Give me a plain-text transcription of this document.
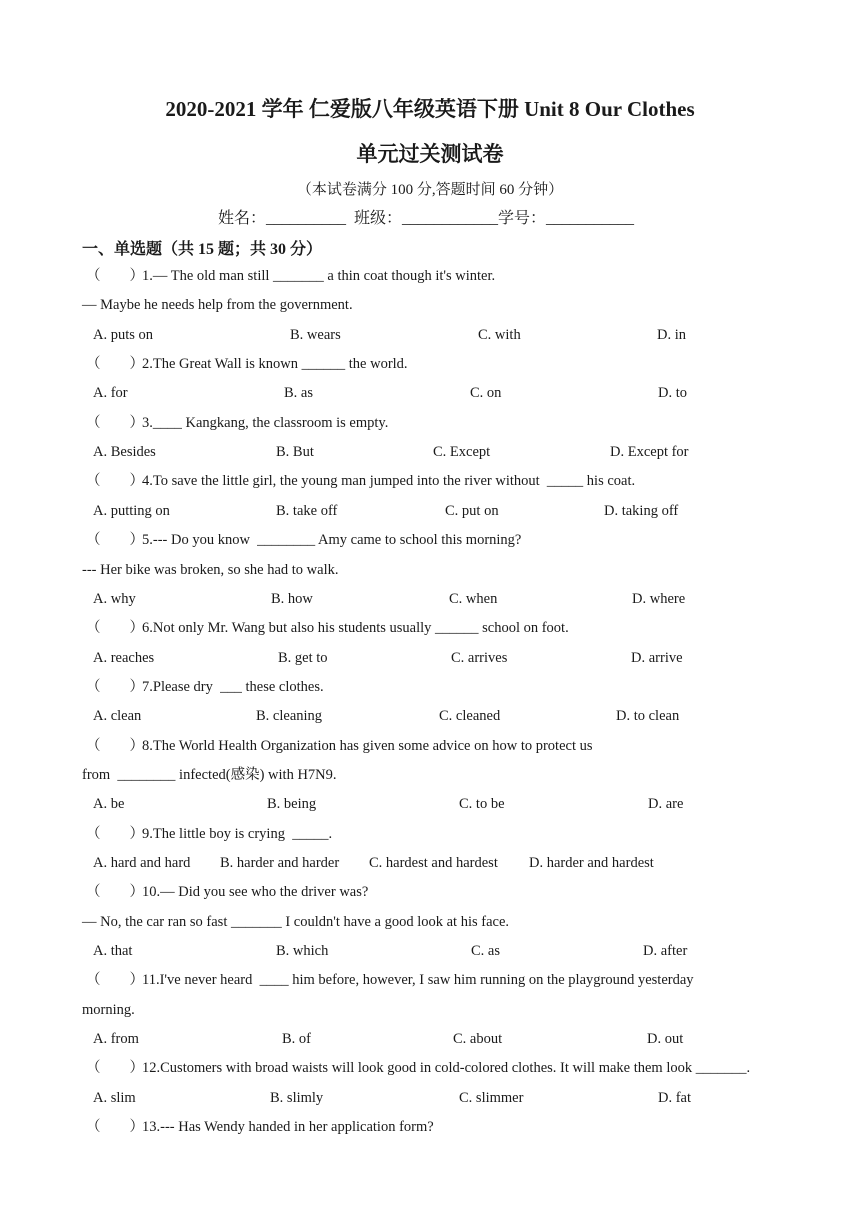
2020-2021 学年 仁爱版八年级英语下册 Unit 8 Our Clothes
单元过关测试卷
（本试卷满分 100 分,答题时间 60 分钟）
姓名：__________  班级：____________学号：___________
一、单选题（共 15 题；共 30 分）
（        ）
1.— The old man still _______ a thin coat though it's winter.
— Maybe he needs help from the government.
A. puts on	B. wears	C. with	D. in
（        ）
2.The Great Wall is known ______ the world.
A. for	B. as	C. on	D. to
（        ）
3.____ Kangkang, the classroom is empty.
A. Besides	B. But	C. Except	D. Except for
（        ）
4.To save the little girl, the young man jumped into the river without  _____ his coat.
A. putting on	B. take off	C. put on	D. taking off
（        ）
5.--- Do you know  ________ Amy came to school this morning?
--- Her bike was broken, so she had to walk.
A. why	B. how	C. when	D. where
（        ）
6.Not only Mr. Wang but also his students usually ______ school on foot.
A. reaches	B. get to	C. arrives	D. arrive
（        ）
7.Please dry  ___ these clothes.
A. clean	B. cleaning	C. cleaned	D. to clean
（        ）
8.The World Health Organization has given some advice on how to protect us
from  ________ infected(感染) with H7N9.
A. be	B. being	C. to be	D. are
（        ）
9.The little boy is crying  _____.
A. hard and hard B. harder and harder C. hardest and hardest D. harder and hardest
（        ）
10.— Did you see who the driver was?
— No, the car ran so fast _______ I couldn't have a good look at his face.
A. that	B. which	C. as	D. after
（        ）
11.I've never heard  ____ him before, however, I saw him running on the playground yesterday
morning.
A. from	B. of	C. about	D. out
（        ）
12.Customers with broad waists will look good in cold-colored clothes. It will make them look _______.
A. slim	B. slimly	C. slimmer	D. fat
（        ）
13.--- Has Wendy handed in her application form?
